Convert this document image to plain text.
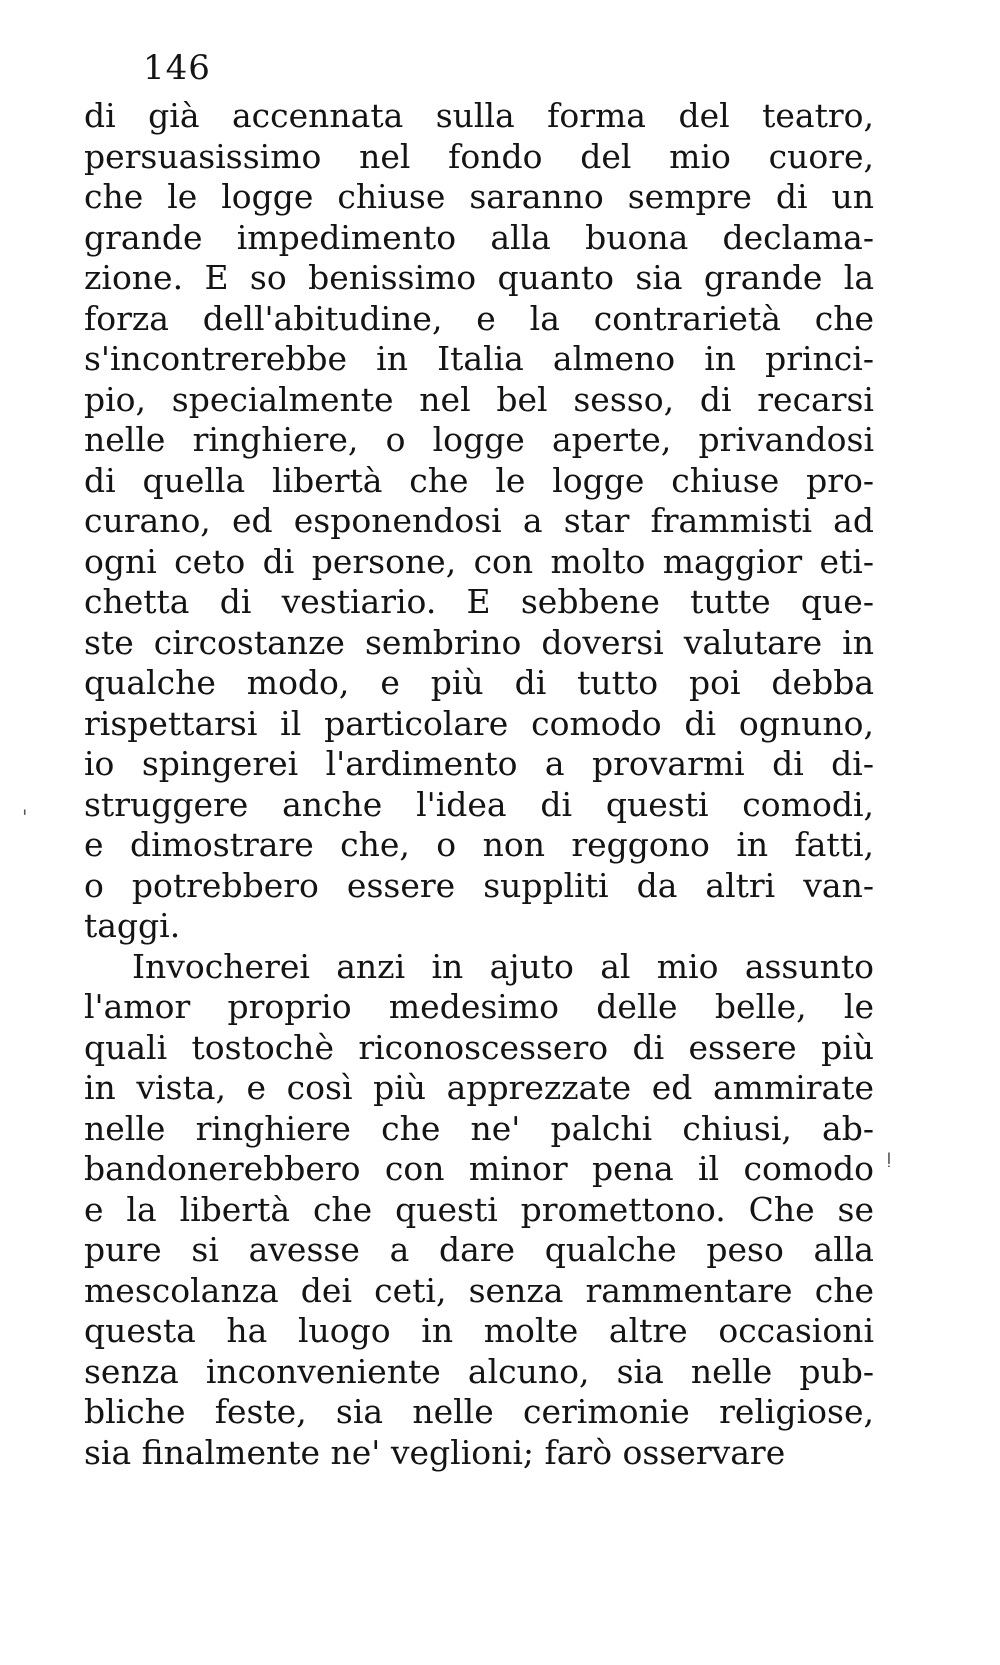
146
di già accennata sulla forma del teatro,
persuasissimo nel fondo del mio cuore,
che le logge chiuse saranno sempre di un
grande impedimento alla buona declama-
zione. E so benissimo quanto sia grande la
forza dell'abitudine, e la contrarietà che
s'incontrerebbe in Italia almeno in princi-
pio, specialmente nel bel sesso, di recarsi
nelle ringhiere, o logge aperte, privandosi
di quella libertà che le logge chiuse pro-
curano, ed esponendosi a star frammisti ad
ogni ceto di persone, con molto maggior eti-
chetta di vestiario. E sebbene tutte que-
ste circostanze sembrino doversi valutare in
qualche modo, e più di tutto poi debba
rispettarsi il particolare comodo di ognuno,
io spingerei l'ardimento a provarmi di di-
struggere anche l'idea di questi comodi,
e dimostrare che, o non reggono in fatti,
o potrebbero essere suppliti da altri van-
taggi.
Invocherei anzi in ajuto al mio assunto
l'amor proprio medesimo delle belle, le
quali tostochè riconoscessero di essere più
in vista, e così più apprezzate ed ammirate
nelle ringhiere che ne' palchi chiusi, ab-
bandonerebbero con minor pena il comodo
e la libertà che questi promettono. Che se
pure si avesse a dare qualche peso alla
mescolanza dei ceti, senza rammentare che
questa ha luogo in molte altre occasioni
senza inconveniente alcuno, sia nelle pub-
bliche feste, sia nelle cerimonie religiose,
sia finalmente ne' veglioni; farò osservare
'
ǃ
